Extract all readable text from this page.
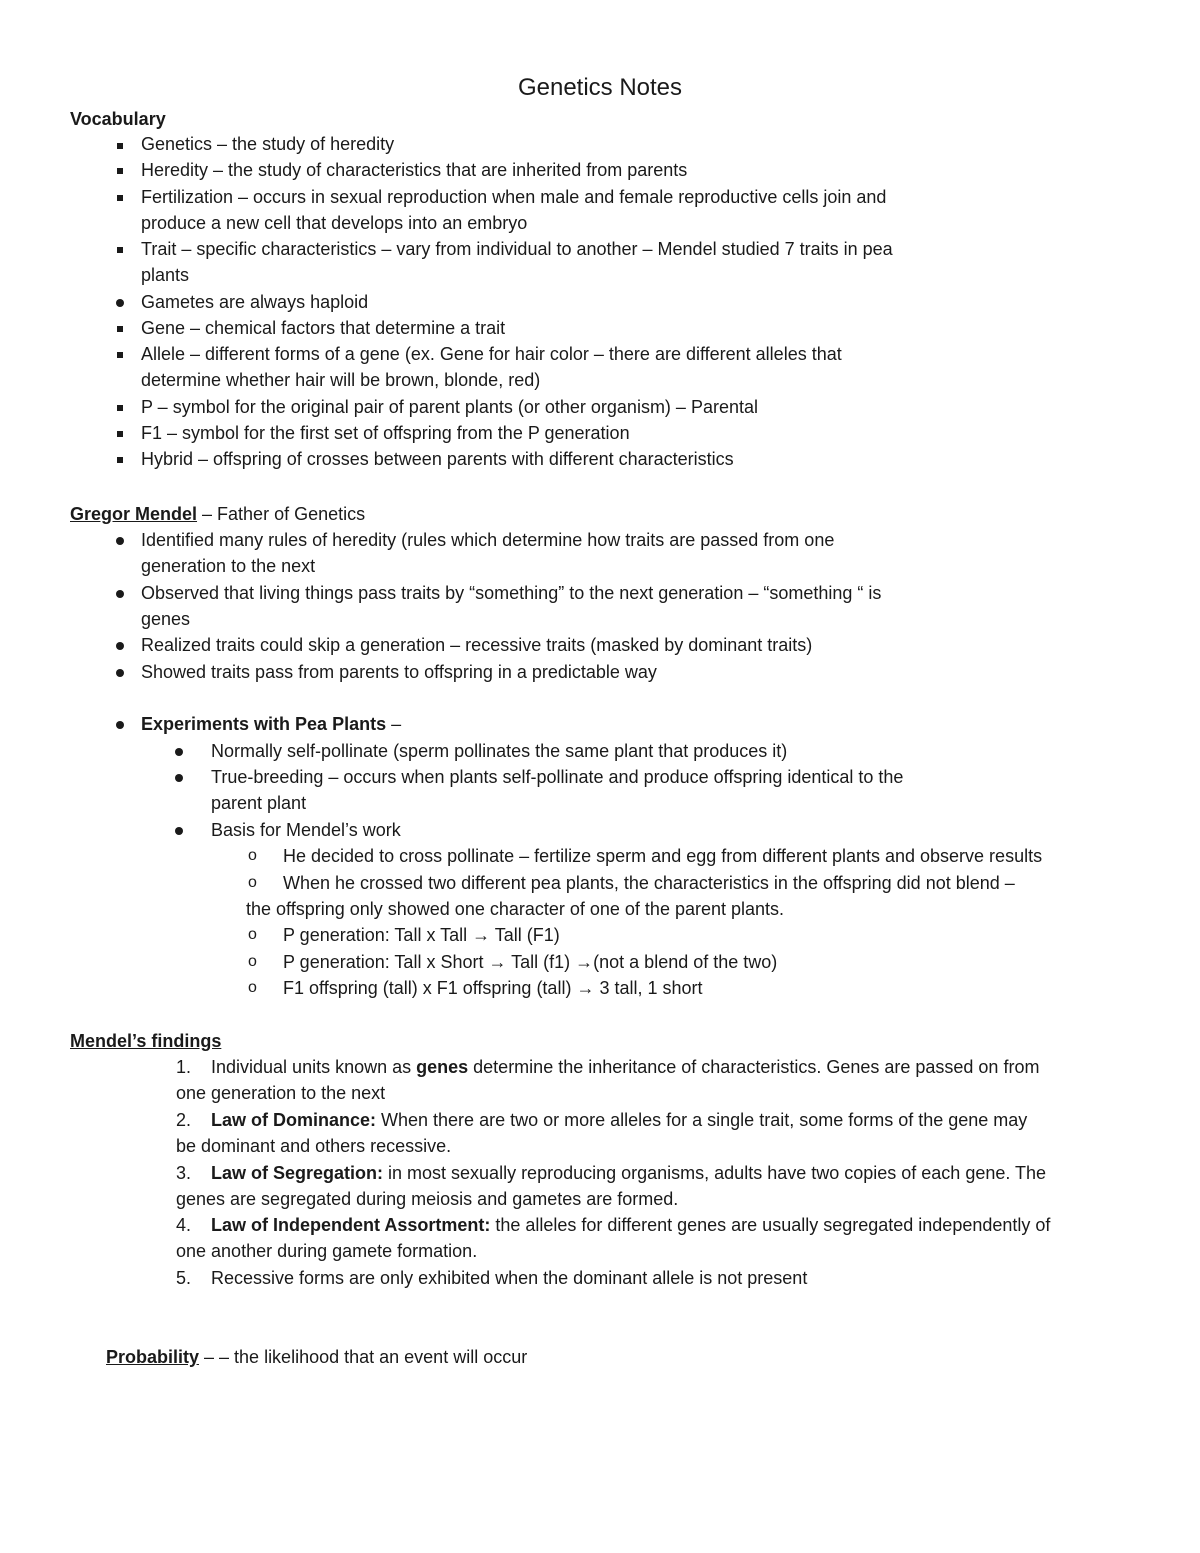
Genetics Notes
Vocabulary
Genetics – the study of heredity
Heredity – the study of characteristics that are inherited from parents
Fertilization – occurs in sexual reproduction when male and female reproductive cells join and
produce a new cell that develops into an embryo
Trait – specific characteristics – vary from individual to another – Mendel studied 7 traits in pea
plants
Gametes are always haploid
Gene – chemical factors that determine a trait
Allele – different forms of a gene (ex. Gene for hair color – there are different alleles that
determine whether hair will be brown, blonde, red)
P – symbol for the original pair of parent plants (or other organism) – Parental
F1 – symbol for the first set of offspring from the P generation
Hybrid – offspring of crosses between parents with different characteristics
Gregor Mendel – Father of Genetics
Identified many rules of heredity (rules which determine how traits are passed from one
generation to the next
Observed that living things pass traits by “something” to the next generation – “something “ is
genes
Realized traits could skip a generation – recessive traits (masked by dominant traits)
Showed traits pass from parents to offspring in a predictable way
Experiments with Pea Plants –
Normally self-pollinate (sperm pollinates the same plant that produces it)
True-breeding – occurs when plants self-pollinate and produce offspring identical to the
parent plant
Basis for Mendel’s work
o He decided to cross pollinate – fertilize sperm and egg from different plants and observe results
o When he crossed two different pea plants, the characteristics in the offspring did not blend –
the offspring only showed one character of one of the parent plants.
o P generation: Tall x Tall → Tall (F1)
o P generation: Tall x Short → Tall (f1) →(not a blend of the two)
o F1 offspring (tall) x F1 offspring (tall) → 3 tall, 1 short
Mendel’s findings
1. Individual units known as genes determine the inheritance of characteristics. Genes are passed on from
one generation to the next
2. Law of Dominance: When there are two or more alleles for a single trait, some forms of the gene may
be dominant and others recessive.
3. Law of Segregation: in most sexually reproducing organisms, adults have two copies of each gene. The
genes are segregated during meiosis and gametes are formed.
4. Law of Independent Assortment: the alleles for different genes are usually segregated independently of
one another during gamete formation.
5. Recessive forms are only exhibited when the dominant allele is not present
Probability – – the likelihood that an event will occur
